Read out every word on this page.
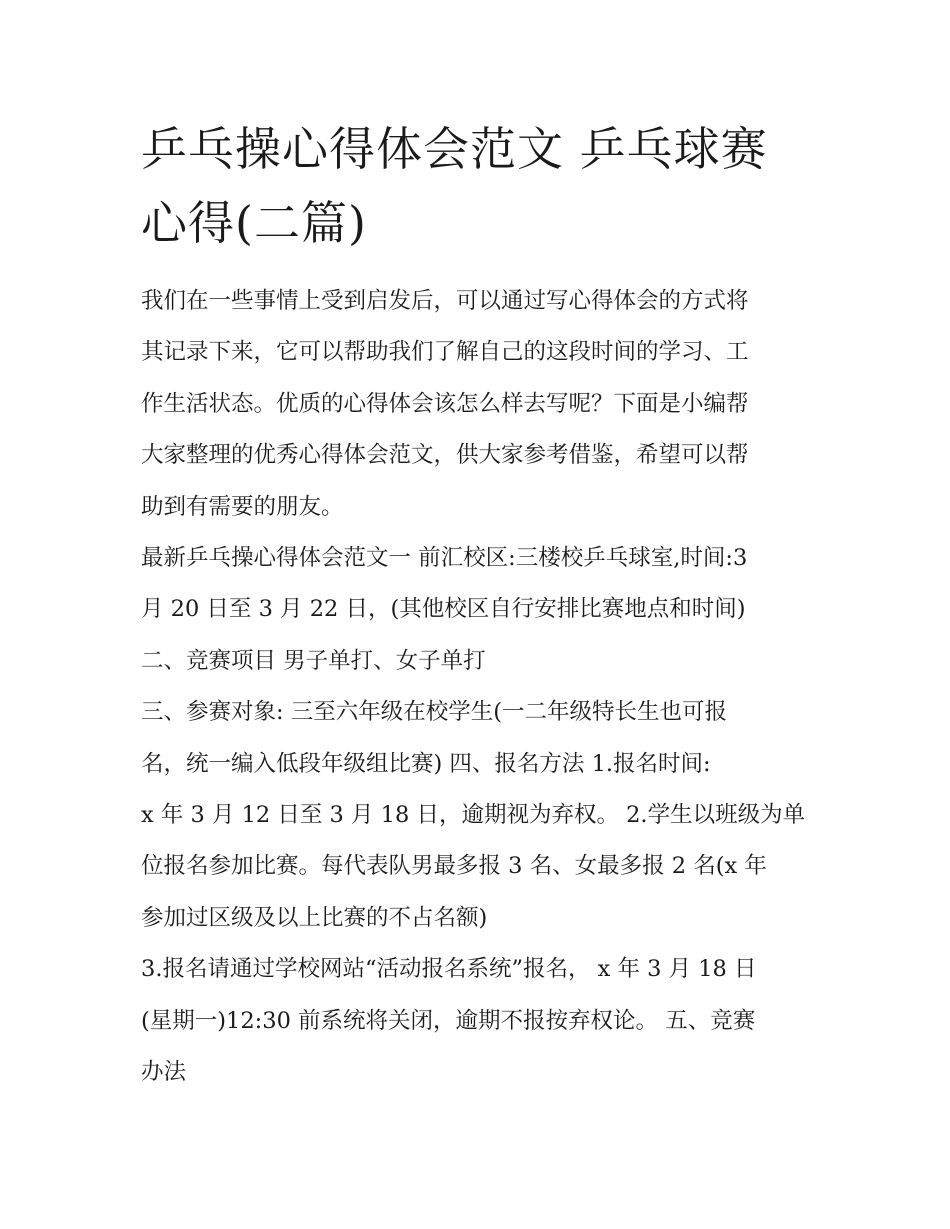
乒乓操心得体会范文 乒乓球赛
心得(二篇)
我们在一些事情上受到启发后，可以通过写心得体会的方式将
其记录下来，它可以帮助我们了解自己的这段时间的学习、工
作生活状态。优质的心得体会该怎么样去写呢？下面是小编帮
大家整理的优秀心得体会范文，供大家参考借鉴，希望可以帮
助到有需要的朋友。
最新乒乓操心得体会范文一 前汇校区:三楼校乒乓球室,时间:3
月 20 日至 3 月 22 日，(其他校区自行安排比赛地点和时间)
二、竞赛项目 男子单打、女子单打
三、参赛对象: 三至六年级在校学生(一二年级特长生也可报
名，统一编入低段年级组比赛) 四、报名方法 1.报名时间:
x 年 3 月 12 日至 3 月 18 日，逾期视为弃权。 2.学生以班级为单
位报名参加比赛。每代表队男最多报 3 名、女最多报 2 名(x 年
参加过区级及以上比赛的不占名额)
3.报名请通过学校网站“活动报名系统”报名， x 年 3 月 18 日
(星期一)12:30 前系统将关闭，逾期不报按弃权论。 五、竞赛
办法
